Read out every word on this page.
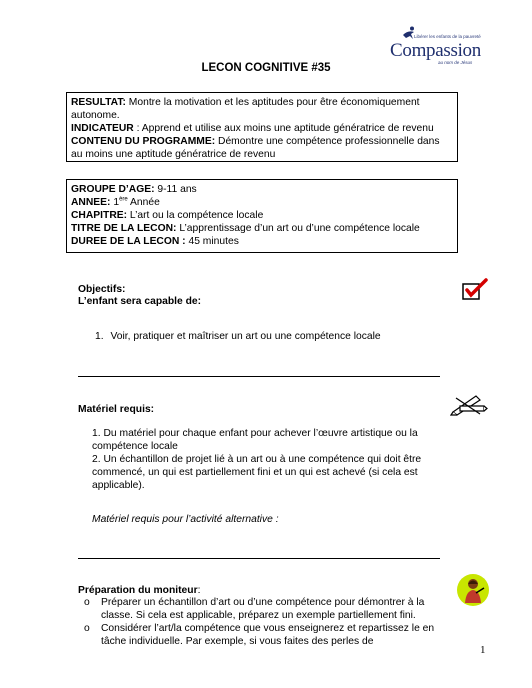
Libérer les enfants de la pauvreté
Compassion
au nom de Jésus
LECON COGNITIVE #35

RESULTAT: Montre la motivation et les aptitudes pour être économiquement autonome.

INDICATEUR : Apprend et utilise aux moins une aptitude génératrice de revenu

CONTENU DU PROGRAMME: Démontre une compétence professionnelle dans au moins une aptitude génératrice de revenu

GROUPE D’AGE: 9-11 ans

ANNEE: 1ère Année

CHAPITRE: L’art ou la compétence locale

TITRE DE LA LECON: L’apprentissage d’un art ou d’une compétence locale

DUREE DE LA LECON : 45 minutes

Objectifs:
L’enfant sera capable de:
1. Voir, pratiquer et maîtriser un art ou une compétence locale
Matériel requis:
1. Du matériel pour chaque enfant pour achever l’œuvre artistique ou la compétence locale
2. Un échantillon de projet lié à un art ou à une compétence qui doit être commencé, un qui est partiellement fini et un qui est achevé (si cela est applicable).
Matériel requis pour l’activité alternative :
Préparation du moniteur:
o Préparer un échantillon d’art ou d’une compétence pour démontrer à la classe. Si cela est applicable, préparez un exemple partiellement fini.
o Considérer l’art/la compétence que vous enseignerez et repartissez le en tâche individuelle. Par exemple, si vous faites des perles de
1
